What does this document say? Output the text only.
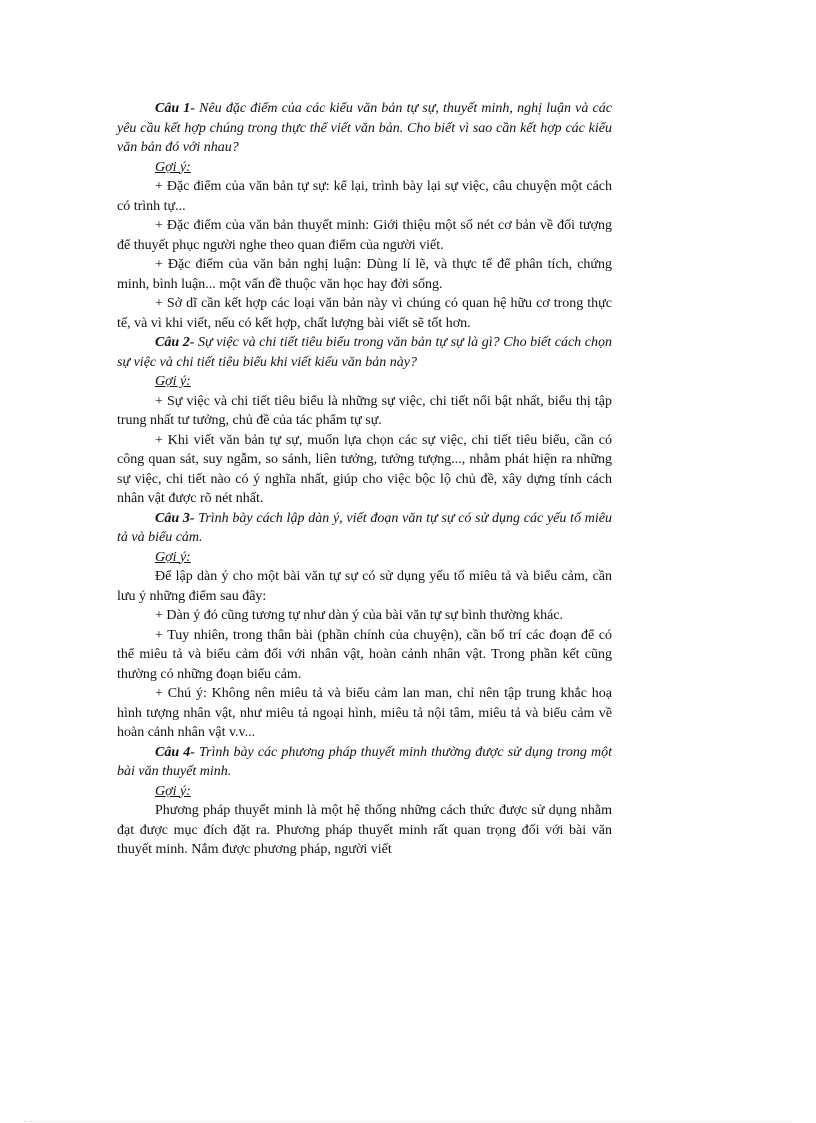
Câu 1- Nêu đặc điểm của các kiểu văn bản tự sự, thuyết minh, nghị luận và các yêu cầu kết hợp chúng trong thực thể viết văn bản. Cho biết vì sao cần kết hợp các kiểu văn bản đó với nhau?

Gợi ý:

+ Đặc điểm của văn bản tự sự: kể lại, trình bày lại sự việc, câu chuyện một cách có trình tự...

+ Đặc điểm của văn bản thuyết minh: Giới thiệu một số nét cơ bản về đối tượng để thuyết phục người nghe theo quan điểm của người viết.

+ Đặc điểm của văn bản nghị luận: Dùng lí lẽ, và thực tế để phân tích, chứng minh, bình luận... một vấn đề thuộc văn học hay đời sống.

+ Sở dĩ cần kết hợp các loại văn bản này vì chúng có quan hệ hữu cơ trong thực tế, và vì khi viết, nếu có kết hợp, chất lượng bài viết sẽ tốt hơn.

Câu 2- Sự việc và chi tiết tiêu biểu trong văn bản tự sự là gì? Cho biết cách chọn sự việc và chi tiết tiêu biểu khi viết kiểu văn bản này?

Gợi ý:

+ Sự việc và chi tiết tiêu biểu là những sự việc, chi tiết nổi bật nhất, biểu thị tập trung nhất tư tưởng, chủ đề của tác phẩm tự sự.

+ Khi viết văn bản tự sự, muốn lựa chọn các sự việc, chi tiết tiêu biểu, cần có công quan sát, suy ngẫm, so sánh, liên tưởng, tưởng tượng..., nhằm phát hiện ra những sự việc, chi tiết nào có ý nghĩa nhất, giúp cho việc bộc lộ chủ đề, xây dựng tính cách nhân vật được rõ nét nhất.

Câu 3- Trình bày cách lập dàn ý, viết đoạn văn tự sự có sử dụng các yếu tố miêu tả và biểu cảm.

Gợi ý:

Để lập dàn ý cho một bài văn tự sự có sử dụng yếu tố miêu tả và biểu cảm, cần lưu ý những điểm sau đây:

+ Dàn ý đó cũng tương tự như dàn ý của bài văn tự sự bình thường khác.

+ Tuy nhiên, trong thân bài (phần chính của chuyện), cần bố trí các đoạn để có thể miêu tả và biểu cảm đối với nhân vật, hoàn cảnh nhân vật. Trong phần kết cũng thường có những đoạn biểu cảm.

+ Chú ý: Không nên miêu tả và biểu cảm lan man, chỉ nên tập trung khắc hoạ hình tượng nhân vật, như miêu tả ngoại hình, miêu tả nội tâm, miêu tả và biểu cảm về hoàn cảnh nhân vật v.v...

Câu 4- Trình bày các phương pháp thuyết minh thường được sử dụng trong một bài văn thuyết minh.

Gợi ý:

Phương pháp thuyết minh là một hệ thống những cách thức được sử dụng nhằm đạt được mục đích đặt ra. Phương pháp thuyết minh rất quan trọng đối với bài văn thuyết minh. Nắm được phương pháp, người viết
